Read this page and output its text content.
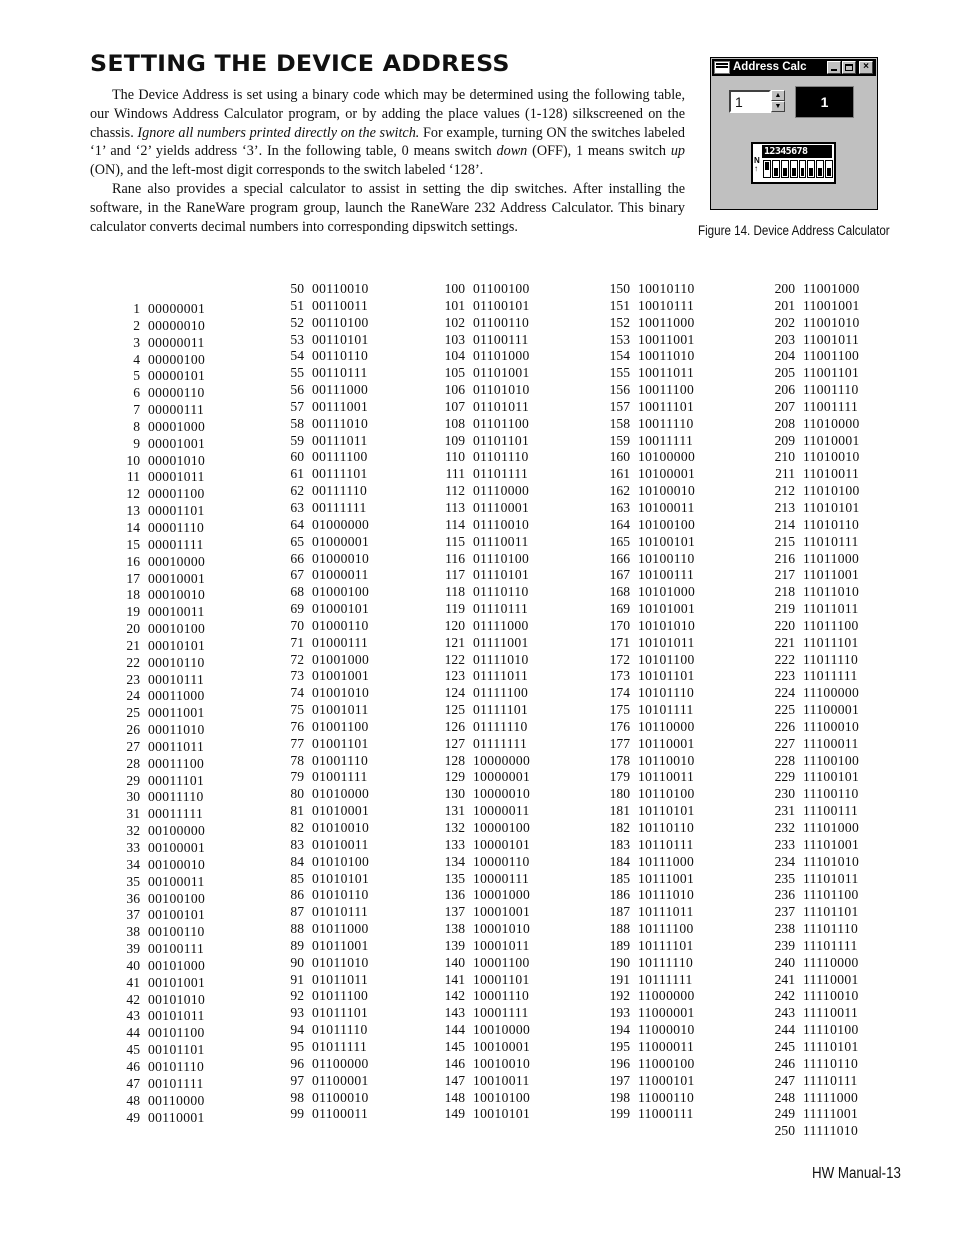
SETTING THE DEVICE ADDRESS

The Device Address is set using a binary code which may be determined using the following table, our Windows Address Calculator program, or by adding the place values (1-128) silkscreened on the chassis. Ignore all numbers printed directly on the switch. For example, turning ON the switches labeled ‘1’ and ‘2’ yields address ‘3’. In the following table, 0 means switch down (OFF), 1 means switch up (ON), and the left-most digit corresponds to the switch labeled ‘128’.

Rane also provides a special calculator to assist in setting the dip switches. After installing the software, in the RaneWare program group, launch the RaneWare 232 Address Calculator. This binary calculator converts decimal numbers into corresponding dipswitch settings.

Address Calc	×
1	▲
▼	1
12345678
N
↑
Figure 14. Device Address Calculator
1 00000001
2 00000010
3 00000011
4 00000100
5 00000101
6 00000110
7 00000111
8 00001000
9 00001001
10 00001010
11 00001011
12 00001100
13 00001101
14 00001110
15 00001111
16 00010000
17 00010001
18 00010010
19 00010011
20 00010100
21 00010101
22 00010110
23 00010111
24 00011000
25 00011001
26 00011010
27 00011011
28 00011100
29 00011101
30 00011110
31 00011111
32 00100000
33 00100001
34 00100010
35 00100011
36 00100100
37 00100101
38 00100110
39 00100111
40 00101000
41 00101001
42 00101010
43 00101011
44 00101100
45 00101101
46 00101110
47 00101111
48 00110000
49 00110001
50 00110010
51 00110011
52 00110100
53 00110101
54 00110110
55 00110111
56 00111000
57 00111001
58 00111010
59 00111011
60 00111100
61 00111101
62 00111110
63 00111111
64 01000000
65 01000001
66 01000010
67 01000011
68 01000100
69 01000101
70 01000110
71 01000111
72 01001000
73 01001001
74 01001010
75 01001011
76 01001100
77 01001101
78 01001110
79 01001111
80 01010000
81 01010001
82 01010010
83 01010011
84 01010100
85 01010101
86 01010110
87 01010111
88 01011000
89 01011001
90 01011010
91 01011011
92 01011100
93 01011101
94 01011110
95 01011111
96 01100000
97 01100001
98 01100010
99 01100011
100 01100100
101 01100101
102 01100110
103 01100111
104 01101000
105 01101001
106 01101010
107 01101011
108 01101100
109 01101101
110 01101110
111 01101111
112 01110000
113 01110001
114 01110010
115 01110011
116 01110100
117 01110101
118 01110110
119 01110111
120 01111000
121 01111001
122 01111010
123 01111011
124 01111100
125 01111101
126 01111110
127 01111111
128 10000000
129 10000001
130 10000010
131 10000011
132 10000100
133 10000101
134 10000110
135 10000111
136 10001000
137 10001001
138 10001010
139 10001011
140 10001100
141 10001101
142 10001110
143 10001111
144 10010000
145 10010001
146 10010010
147 10010011
148 10010100
149 10010101
150 10010110
151 10010111
152 10011000
153 10011001
154 10011010
155 10011011
156 10011100
157 10011101
158 10011110
159 10011111
160 10100000
161 10100001
162 10100010
163 10100011
164 10100100
165 10100101
166 10100110
167 10100111
168 10101000
169 10101001
170 10101010
171 10101011
172 10101100
173 10101101
174 10101110
175 10101111
176 10110000
177 10110001
178 10110010
179 10110011
180 10110100
181 10110101
182 10110110
183 10110111
184 10111000
185 10111001
186 10111010
187 10111011
188 10111100
189 10111101
190 10111110
191 10111111
192 11000000
193 11000001
194 11000010
195 11000011
196 11000100
197 11000101
198 11000110
199 11000111
200 11001000
201 11001001
202 11001010
203 11001011
204 11001100
205 11001101
206 11001110
207 11001111
208 11010000
209 11010001
210 11010010
211 11010011
212 11010100
213 11010101
214 11010110
215 11010111
216 11011000
217 11011001
218 11011010
219 11011011
220 11011100
221 11011101
222 11011110
223 11011111
224 11100000
225 11100001
226 11100010
227 11100011
228 11100100
229 11100101
230 11100110
231 11100111
232 11101000
233 11101001
234 11101010
235 11101011
236 11101100
237 11101101
238 11101110
239 11101111
240 11110000
241 11110001
242 11110010
243 11110011
244 11110100
245 11110101
246 11110110
247 11110111
248 11111000
249 11111001
250 11111010
HW Manual-13
